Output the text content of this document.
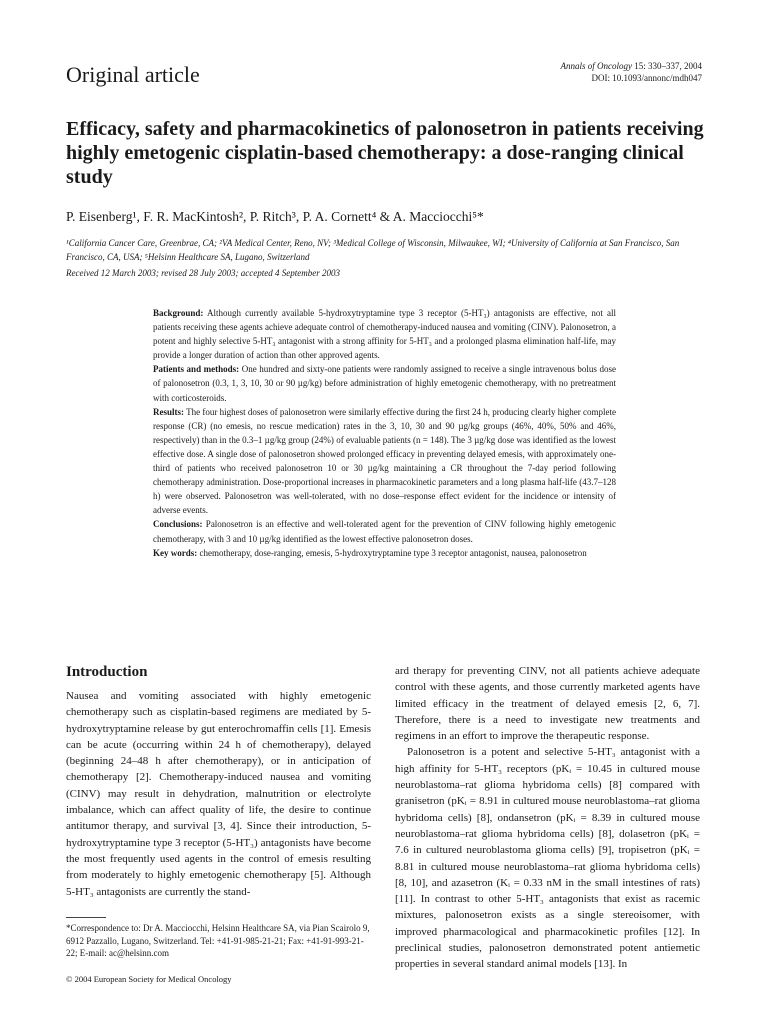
Original article	Annals of Oncology 15: 330–337, 2004
DOI: 10.1093/annonc/mdh047
Efficacy, safety and pharmacokinetics of palonosetron in patients receiving highly emetogenic cisplatin-based chemotherapy: a dose-ranging clinical study
P. Eisenberg¹, F. R. MacKintosh², P. Ritch³, P. A. Cornett⁴ & A. Macciocchi⁵*
¹California Cancer Care, Greenbrae, CA; ²VA Medical Center, Reno, NV; ³Medical College of Wisconsin, Milwaukee, WI; ⁴University of California at San Francisco, San Francisco, CA, USA; ⁵Helsinn Healthcare SA, Lugano, Switzerland
Received 12 March 2003; revised 28 July 2003; accepted 4 September 2003

Background: Although currently available 5-hydroxytryptamine type 3 receptor (5-HT₃) antagonists are effective, not all patients receiving these agents achieve adequate control of chemotherapy-induced nausea and vomiting (CINV). Palonosetron, a potent and highly selective 5-HT₃ antagonist with a strong affinity for 5-HT₃ and a prolonged plasma elimination half-life, may provide a longer duration of action than other approved agents.

Patients and methods: One hundred and sixty-one patients were randomly assigned to receive a single intravenous bolus dose of palonosetron (0.3, 1, 3, 10, 30 or 90 µg/kg) before administration of highly emetogenic chemotherapy, with no pretreatment with corticosteroids.

Results: The four highest doses of palonosetron were similarly effective during the first 24 h, producing clearly higher complete response (CR) (no emesis, no rescue medication) rates in the 3, 10, 30 and 90 µg/kg groups (46%, 40%, 50% and 46%, respectively) than in the 0.3–1 µg/kg group (24%) of evaluable patients (n = 148). The 3 µg/kg dose was identified as the lowest effective dose. A single dose of palonosetron showed prolonged efficacy in preventing delayed emesis, with approximately one-third of patients who received palonosetron 10 or 30 µg/kg maintaining a CR throughout the 7-day period following chemotherapy administration. Dose-proportional increases in pharmacokinetic parameters and a long plasma half-life (43.7–128 h) were observed. Palonosetron was well-tolerated, with no dose–response effect evident for the incidence or intensity of adverse events.

Conclusions: Palonosetron is an effective and well-tolerated agent for the prevention of CINV following highly emetogenic chemotherapy, with 3 and 10 µg/kg identified as the lowest effective palonosetron doses.

Key words: chemotherapy, dose-ranging, emesis, 5-hydroxytryptamine type 3 receptor antagonist, nausea, palonosetron

Introduction

Nausea and vomiting associated with highly emetogenic chemotherapy such as cisplatin-based regimens are mediated by 5-hydroxytryptamine release by gut enterochromaffin cells [1]. Emesis can be acute (occurring within 24 h of chemotherapy), delayed (beginning 24–48 h after chemotherapy), or in anticipation of chemotherapy [2]. Chemotherapy-induced nausea and vomiting (CINV) may result in dehydration, malnutrition or electrolyte imbalance, which can affect quality of life, the desire to continue antitumor therapy, and survival [3, 4]. Since their introduction, 5-hydroxytryptamine type 3 receptor (5-HT₃) antagonists have become the most frequently used agents in the control of emesis resulting from moderately to highly emetogenic chemotherapy [5]. Although 5-HT₃ antagonists are currently the stand-

ard therapy for preventing CINV, not all patients achieve adequate control with these agents, and those currently marketed agents have limited efficacy in the treatment of delayed emesis [2, 6, 7]. Therefore, there is a need to investigate new treatments and regimens in an effort to improve the therapeutic response.

Palonosetron is a potent and selective 5-HT₃ antagonist with a high affinity for 5-HT₃ receptors (pKᵢ = 10.45 in cultured mouse neuroblastoma–rat glioma hybridoma cells) [8] compared with granisetron (pKᵢ = 8.91 in cultured mouse neuroblastoma–rat glioma hybridoma cells) [8], ondansetron (pKᵢ = 8.39 in cultured mouse neuroblastoma–rat glioma hybridoma cells) [8], dolasetron (pKᵢ = 7.6 in cultured neuroblastoma glioma cells) [9], tropisetron (pKᵢ = 8.81 in cultured mouse neuroblastoma–rat glioma hybridoma cells) [8, 10], and azasetron (Kᵢ = 0.33 nM in the small intestines of rats) [11]. In contrast to other 5-HT₃ antagonists that exist as racemic mixtures, palonosetron exists as a single stereoisomer, with improved pharmacological and pharmacokinetic profiles [12]. In preclinical studies, palonosetron demonstrated potent antiemetic properties in several standard animal models [13]. In

*Correspondence to: Dr A. Macciocchi, Helsinn Healthcare SA, via Pian Scairolo 9, 6912 Pazzallo, Lugano, Switzerland. Tel: +41-91-985-21-21; Fax: +41-91-993-21-22; E-mail: ac@helsinn.com
© 2004 European Society for Medical Oncology
